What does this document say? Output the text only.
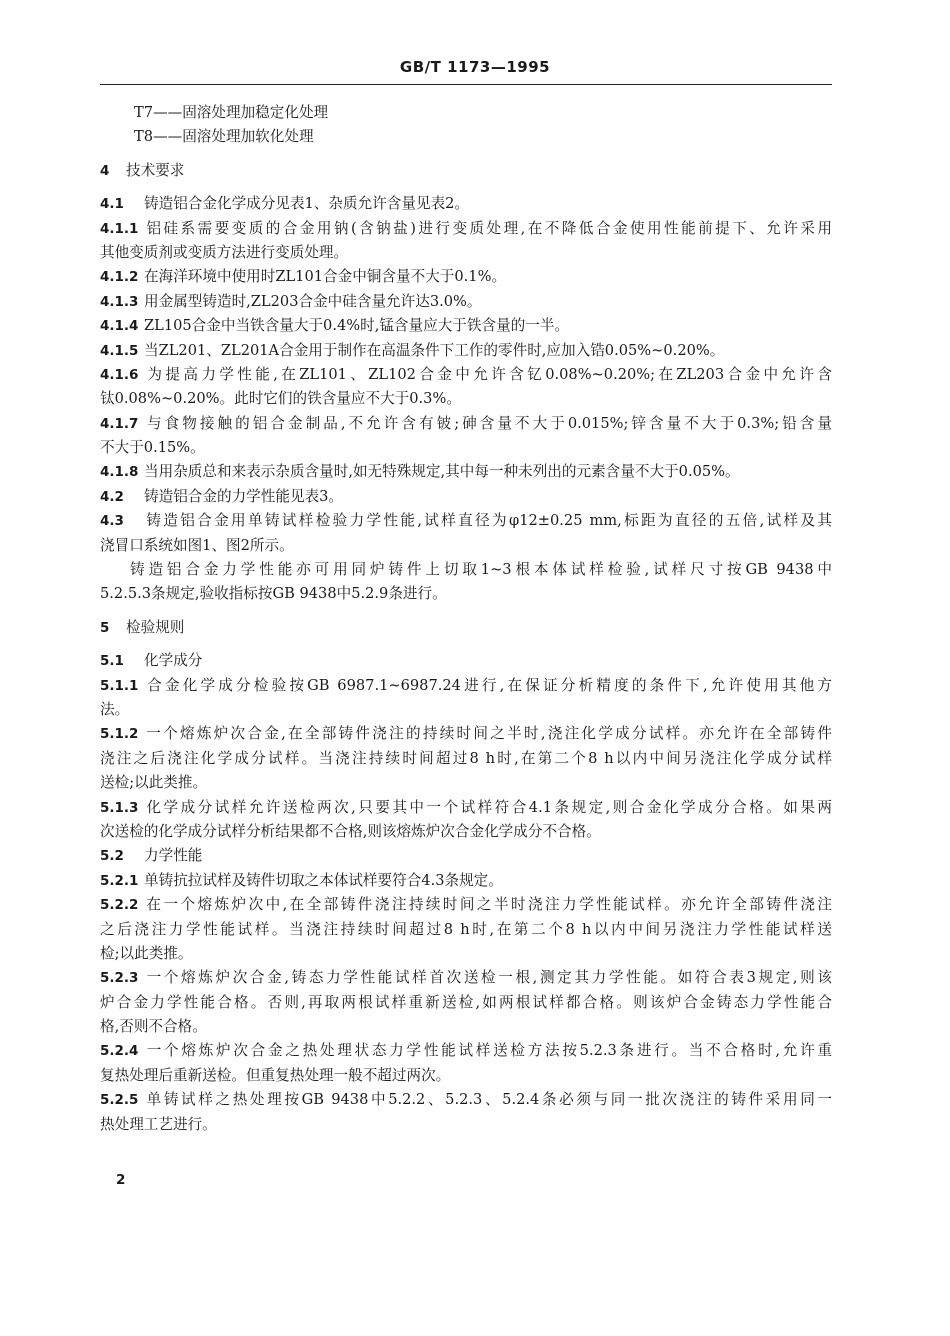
GB/T 1173—1995
T7——固溶处理加稳定化处理
T8——固溶处理加软化处理
4 技术要求
4.1 铸造铝合金化学成分见表1、杂质允许含量见表2。
4.1.1 铝硅系需要变质的合金用钠(含钠盐)进行变质处理,在不降低合金使用性能前提下、允许采用
其他变质剂或变质方法进行变质处理。
4.1.2 在海洋环境中使用时ZL101合金中铜含量不大于0.1%。
4.1.3 用金属型铸造时,ZL203合金中硅含量允许达3.0%。
4.1.4 ZL105合金中当铁含量大于0.4%时,锰含量应大于铁含量的一半。
4.1.5 当ZL201、ZL201A合金用于制作在高温条件下工作的零件时,应加入锆0.05%~0.20%。
4.1.6 为提高力学性能,在ZL101、ZL102合金中允许含钇0.08%~0.20%;在ZL203合金中允许含
钛0.08%~0.20%。此时它们的铁含量应不大于0.3%。
4.1.7 与食物接触的铝合金制品,不允许含有铍;砷含量不大于0.015%;锌含量不大于0.3%;铅含量
不大于0.15%。
4.1.8 当用杂质总和来表示杂质含量时,如无特殊规定,其中每一种未列出的元素含量不大于0.05%。
4.2 铸造铝合金的力学性能见表3。
4.3 铸造铝合金用单铸试样检验力学性能,试样直径为φ12±0.25 mm,标距为直径的五倍,试样及其
浇冒口系统如图1、图2所示。
铸造铝合金力学性能亦可用同炉铸件上切取1~3根本体试样检验,试样尺寸按GB 9438中
5.2.5.3条规定,验收指标按GB 9438中5.2.9条进行。
5 检验规则
5.1 化学成分
5.1.1 合金化学成分检验按GB 6987.1~6987.24进行,在保证分析精度的条件下,允许使用其他方
法。
5.1.2 一个熔炼炉次合金,在全部铸件浇注的持续时间之半时,浇注化学成分试样。亦允许在全部铸件
浇注之后浇注化学成分试样。当浇注持续时间超过8 h时,在第二个8 h以内中间另浇注化学成分试样
送检;以此类推。
5.1.3 化学成分试样允许送检两次,只要其中一个试样符合4.1条规定,则合金化学成分合格。如果两
次送检的化学成分试样分析结果都不合格,则该熔炼炉次合金化学成分不合格。
5.2 力学性能
5.2.1 单铸抗拉试样及铸件切取之本体试样要符合4.3条规定。
5.2.2 在一个熔炼炉次中,在全部铸件浇注持续时间之半时浇注力学性能试样。亦允许全部铸件浇注
之后浇注力学性能试样。当浇注持续时间超过8 h时,在第二个8 h以内中间另浇注力学性能试样送
检;以此类推。
5.2.3 一个熔炼炉次合金,铸态力学性能试样首次送检一根,测定其力学性能。如符合表3规定,则该
炉合金力学性能合格。否则,再取两根试样重新送检,如两根试样都合格。则该炉合金铸态力学性能合
格,否则不合格。
5.2.4 一个熔炼炉次合金之热处理状态力学性能试样送检方法按5.2.3条进行。当不合格时,允许重
复热处理后重新送检。但重复热处理一般不超过两次。
5.2.5 单铸试样之热处理按GB 9438中5.2.2、5.2.3、5.2.4条必须与同一批次浇注的铸件采用同一
热处理工艺进行。
2
